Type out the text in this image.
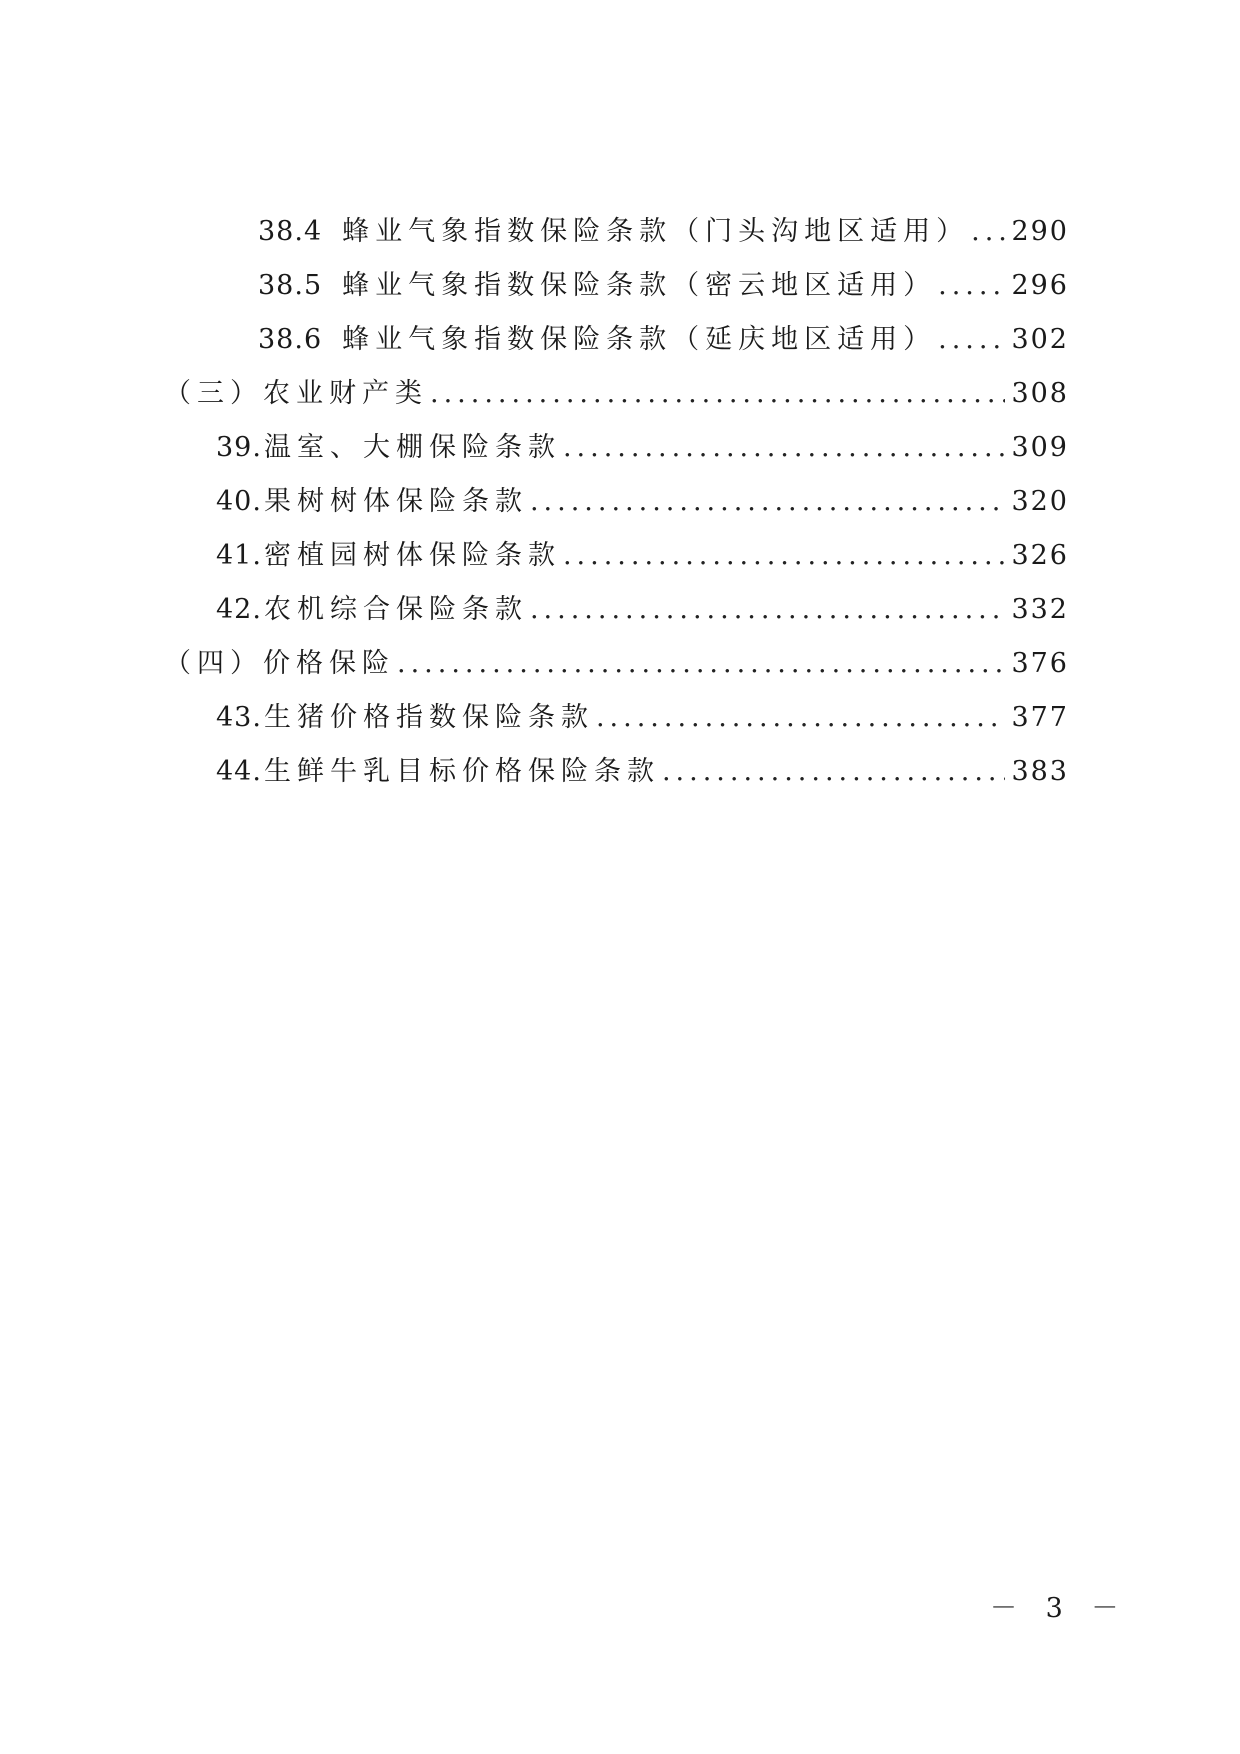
38.4 蜂业气象指数保险条款（门头沟地区适用） ..... 290
38.5 蜂业气象指数保险条款（密云地区适用） .....	296
38.6 蜂业气象指数保险条款（延庆地区适用） .....	302
（三）农业财产类 .....	308
39. 温室、大棚保险条款 .....	309
40. 果树树体保险条款 .....	320
41. 密植园树体保险条款 .....	326
42. 农机综合保险条款 .....	332
（四）价格保险 .....	376
43. 生猪价格指数保险条款 .....	377
44. 生鲜牛乳目标价格保险条款 .....	383
－ 3 －
